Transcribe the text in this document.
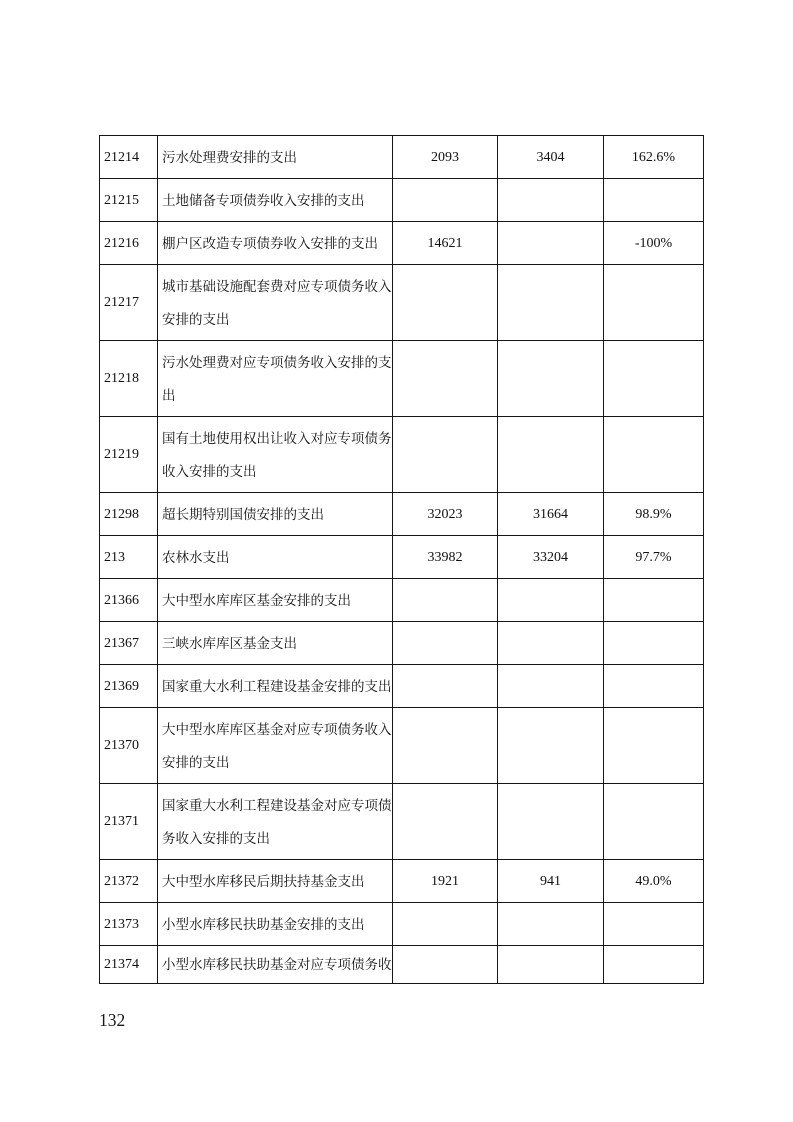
21214	污水处理费安排的支出	2093	3404	162.6%
21215	土地储备专项债券收入安排的支出			
21216	棚户区改造专项债券收入安排的支出	14621		-100%
21217	城市基础设施配套费对应专项债务收入安排的支出			
21218	污水处理费对应专项债务收入安排的支出			
21219	国有土地使用权出让收入对应专项债务收入安排的支出			
21298	超长期特别国债安排的支出	32023	31664	98.9%
213	农林水支出	33982	33204	97.7%
21366	大中型水库库区基金安排的支出			
21367	三峡水库库区基金支出			
21369	国家重大水利工程建设基金安排的支出			
21370	大中型水库库区基金对应专项债务收入安排的支出			
21371	国家重大水利工程建设基金对应专项债务收入安排的支出			
21372	大中型水库移民后期扶持基金支出	1921	941	49.0%
21373	小型水库移民扶助基金安排的支出			
21374	小型水库移民扶助基金对应专项债务收			
132
